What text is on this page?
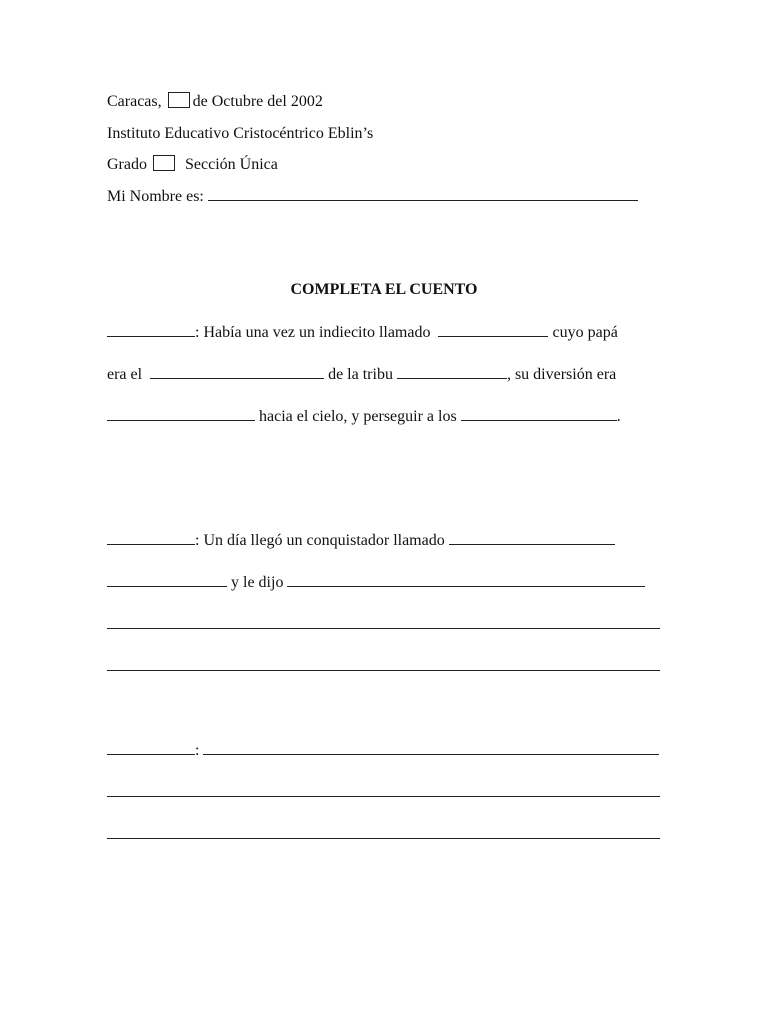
Caracas, de Octubre del 2002
Instituto Educativo Cristocéntrico Eblin’s
Grado Sección Única
Mi Nombre es:
COMPLETA EL CUENTO
: Había una vez un indiecito llamado	cuyo papá
era el	de la tribu	, su diversión era
hacia el cielo, y perseguir a los	.
: Un día llegó un conquistador llamado
y le dijo
:
